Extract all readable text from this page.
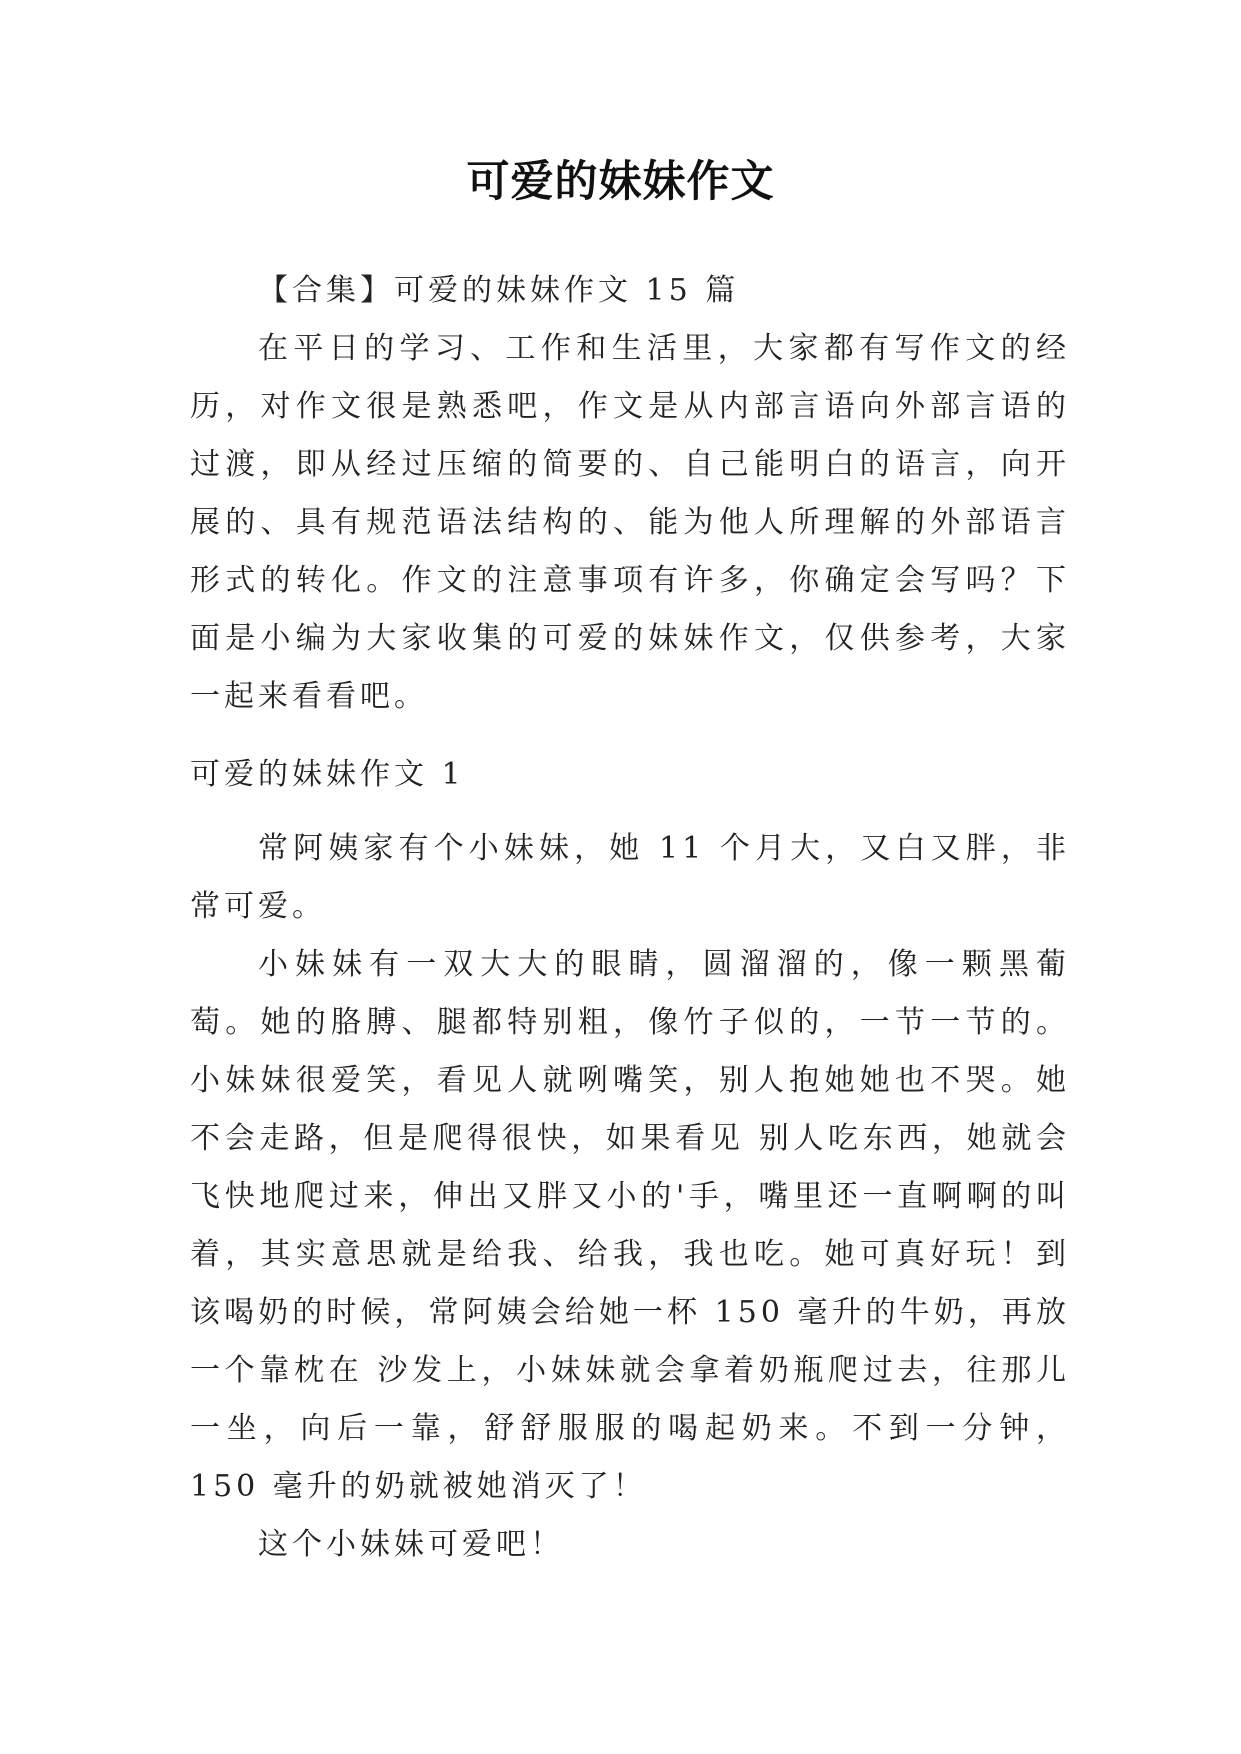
可爱的妹妹作文

【合集】可爱的妹妹作文 15 篇

在平日的学习、工作和生活里，大家都有写作文的经历，对作文很是熟悉吧，作文是从内部言语向外部言语的过渡，即从经过压缩的简要的、自己能明白的语言，向开展的、具有规范语法结构的、能为他人所理解的外部语言形式的转化。作文的注意事项有许多，你确定会写吗？下面是小编为大家收集的可爱的妹妹作文，仅供参考，大家一起来看看吧。

可爱的妹妹作文 1

常阿姨家有个小妹妹，她 11 个月大，又白又胖，非常可爱。

小妹妹有一双大大的眼睛，圆溜溜的，像一颗黑葡萄。她的胳膊、腿都特别粗，像竹子似的，一节一节的。小妹妹很爱笑，看见人就咧嘴笑，别人抱她她也不哭。她不会走路，但是爬得很快，如果看见 别人吃东西，她就会飞快地爬过来，伸出又胖又小的'手，嘴里还一直啊啊的叫着，其实意思就是给我、给我，我也吃。她可真好玩！到该喝奶的时候，常阿姨会给她一杯 150 毫升的牛奶，再放一个靠枕在 沙发上，小妹妹就会拿着奶瓶爬过去，往那儿一坐，向后一靠，舒舒服服的喝起奶来。不到一分钟，150 毫升的奶就被她消灭了！

这个小妹妹可爱吧！
